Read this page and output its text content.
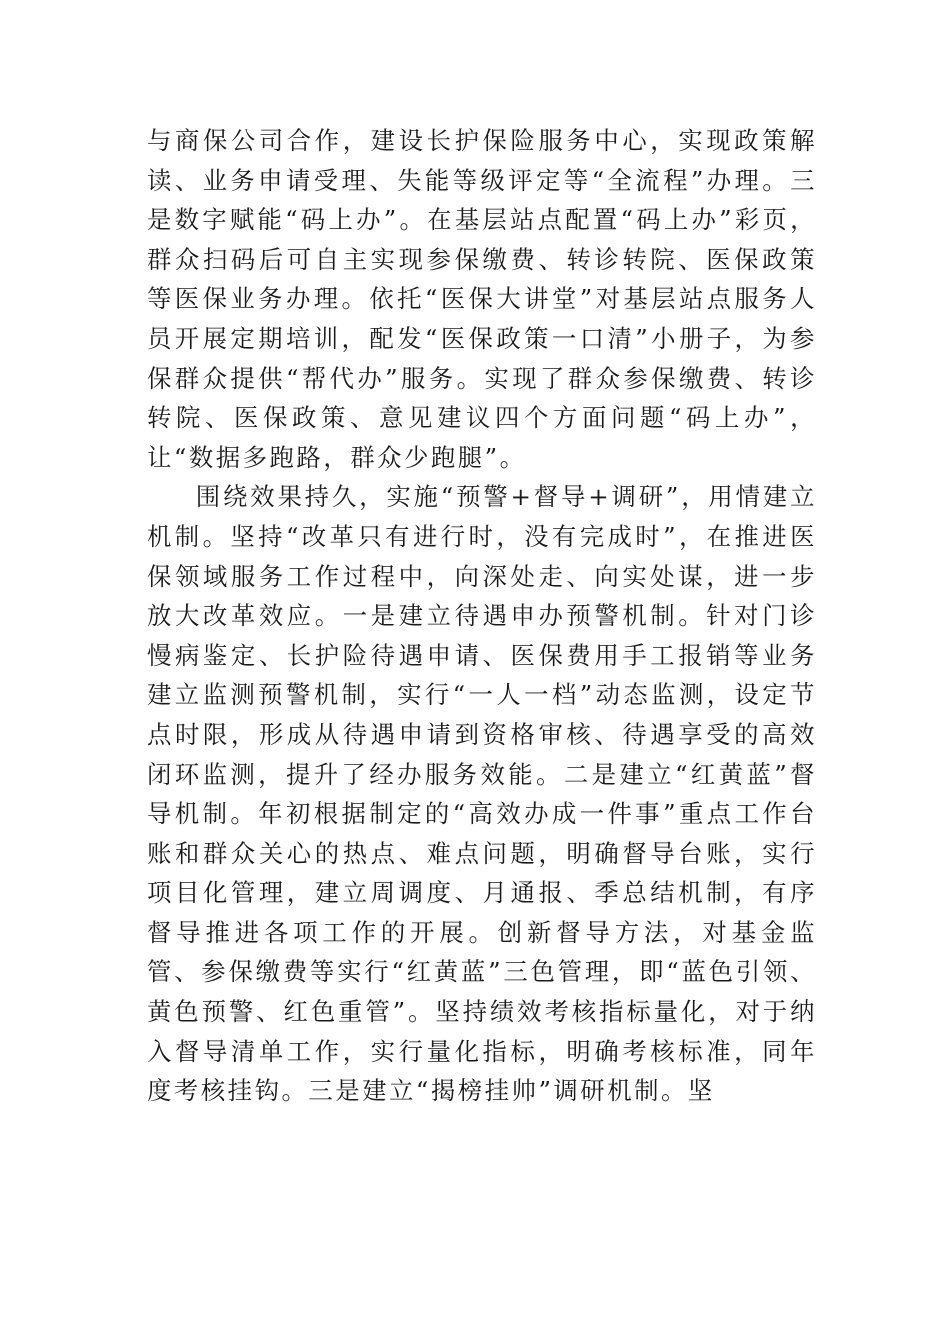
与商保公司合作，建设长护保险服务中心，实现政策解读、业务申请受理、失能等级评定等“全流程”办理。三是数字赋能“码上办”。在基层站点配置“码上办”彩页，群众扫码后可自主实现参保缴费、转诊转院、医保政策等医保业务办理。依托“医保大讲堂”对基层站点服务人员开展定期培训，配发“医保政策一口清”小册子，为参保群众提供“帮代办”服务。实现了群众参保缴费、转诊转院、医保政策、意见建议四个方面问题“码上办”，让“数据多跑路，群众少跑腿”。

围绕效果持久，实施“预警+督导+调研”，用情建立机制。坚持“改革只有进行时，没有完成时”，在推进医保领域服务工作过程中，向深处走、向实处谋，进一步放大改革效应。一是建立待遇申办预警机制。针对门诊慢病鉴定、长护险待遇申请、医保费用手工报销等业务建立监测预警机制，实行“一人一档”动态监测，设定节点时限，形成从待遇申请到资格审核、待遇享受的高效闭环监测，提升了经办服务效能。二是建立“红黄蓝”督导机制。年初根据制定的“高效办成一件事”重点工作台账和群众关心的热点、难点问题，明确督导台账，实行项目化管理，建立周调度、月通报、季总结机制，有序督导推进各项工作的开展。创新督导方法，对基金监管、参保缴费等实行“红黄蓝”三色管理，即“蓝色引领、黄色预警、红色重管”。坚持绩效考核指标量化，对于纳入督导清单工作，实行量化指标，明确考核标准，同年度考核挂钩。三是建立“揭榜挂帅”调研机制。坚
